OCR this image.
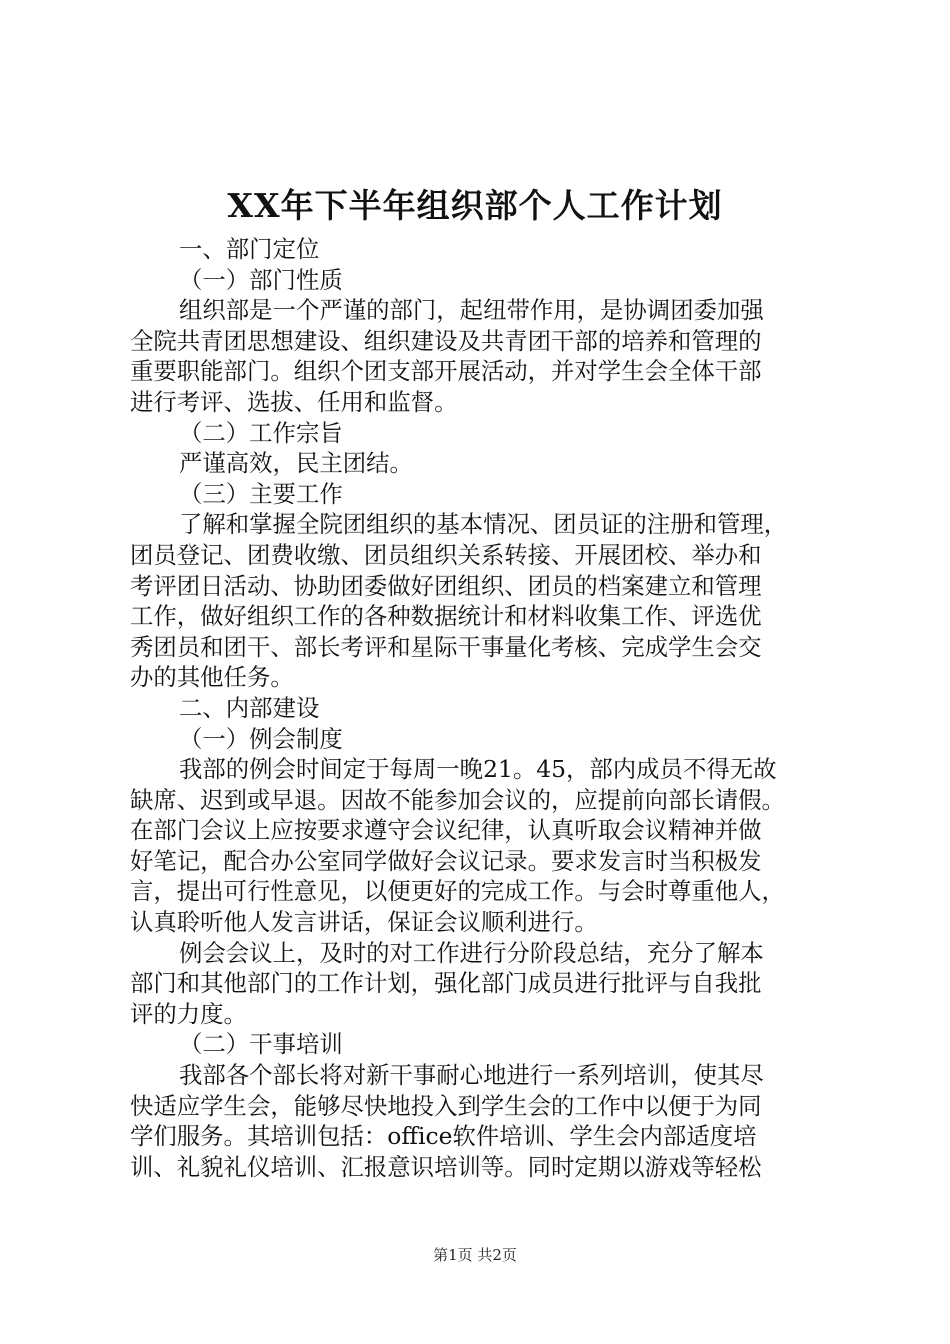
XX年下半年组织部个人工作计划

一、部门定位

（一）部门性质

组织部是一个严谨的部门，起纽带作用，是协调团委加强

全院共青团思想建设、组织建设及共青团干部的培养和管理的

重要职能部门。组织个团支部开展活动，并对学生会全体干部

进行考评、选拔、任用和监督。

（二）工作宗旨

严谨高效，民主团结。

（三）主要工作

了解和掌握全院团组织的基本情况、团员证的注册和管理，

团员登记、团费收缴、团员组织关系转接、开展团校、举办和

考评团日活动、协助团委做好团组织、团员的档案建立和管理

工作，做好组织工作的各种数据统计和材料收集工作、评选优

秀团员和团干、部长考评和星际干事量化考核、完成学生会交

办的其他任务。

二、内部建设

（一）例会制度

我部的例会时间定于每周一晚21。45，部内成员不得无故

缺席、迟到或早退。因故不能参加会议的，应提前向部长请假。

在部门会议上应按要求遵守会议纪律，认真听取会议精神并做

好笔记，配合办公室同学做好会议记录。要求发言时当积极发

言，提出可行性意见，以便更好的完成工作。与会时尊重他人，

认真聆听他人发言讲话，保证会议顺利进行。

例会会议上，及时的对工作进行分阶段总结，充分了解本

部门和其他部门的工作计划，强化部门成员进行批评与自我批

评的力度。

（二）干事培训

我部各个部长将对新干事耐心地进行一系列培训，使其尽

快适应学生会，能够尽快地投入到学生会的工作中以便于为同

学们服务。其培训包括：office软件培训、学生会内部适度培

训、礼貌礼仪培训、汇报意识培训等。同时定期以游戏等轻松

第1页 共2页
